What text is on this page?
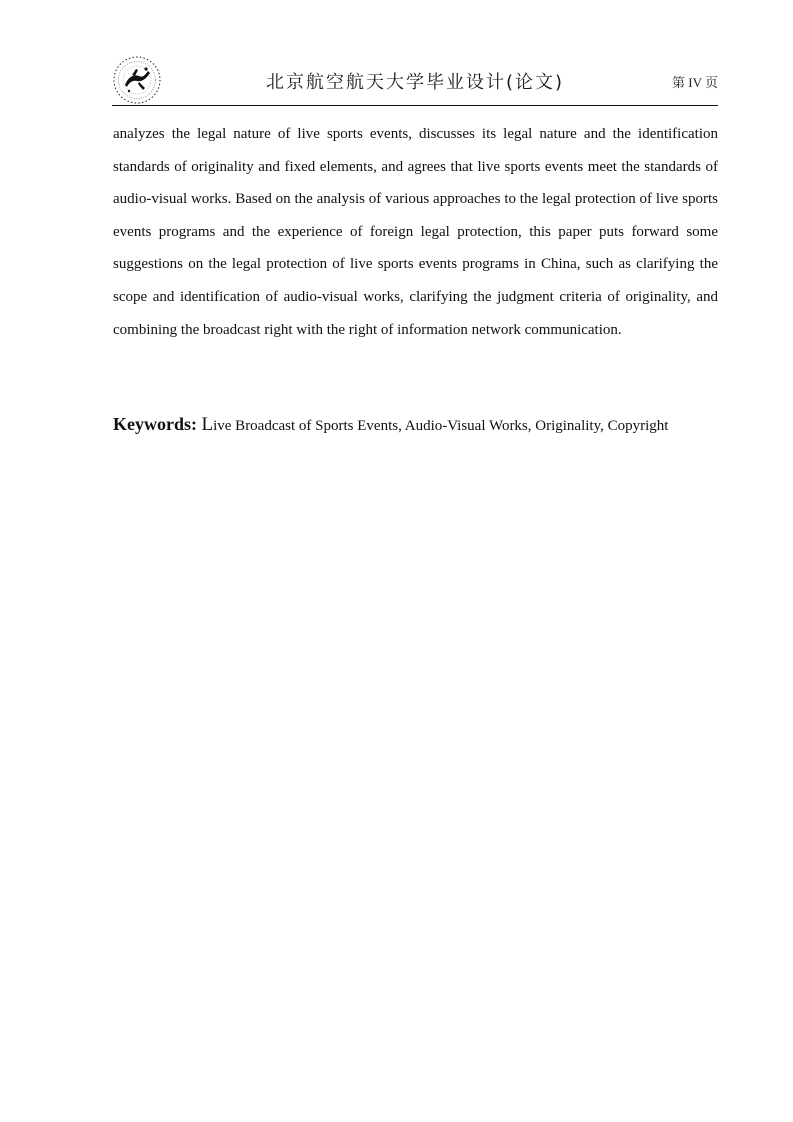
北京航空航天大学毕业设计(论文)	第 IV 页

analyzes the legal nature of live sports events, discusses its legal nature and the identification standards of originality and fixed elements, and agrees that live sports events meet the standards of audio-visual works. Based on the analysis of various approaches to the legal protection of live sports events programs and the experience of foreign legal protection, this paper puts forward some suggestions on the legal protection of live sports events programs in China, such as clarifying the scope and identification of audio-visual works, clarifying the judgment criteria of originality, and combining the broadcast right with the right of information network communication.

Keywords: Live Broadcast of Sports Events, Audio-Visual Works, Originality, Copyright
